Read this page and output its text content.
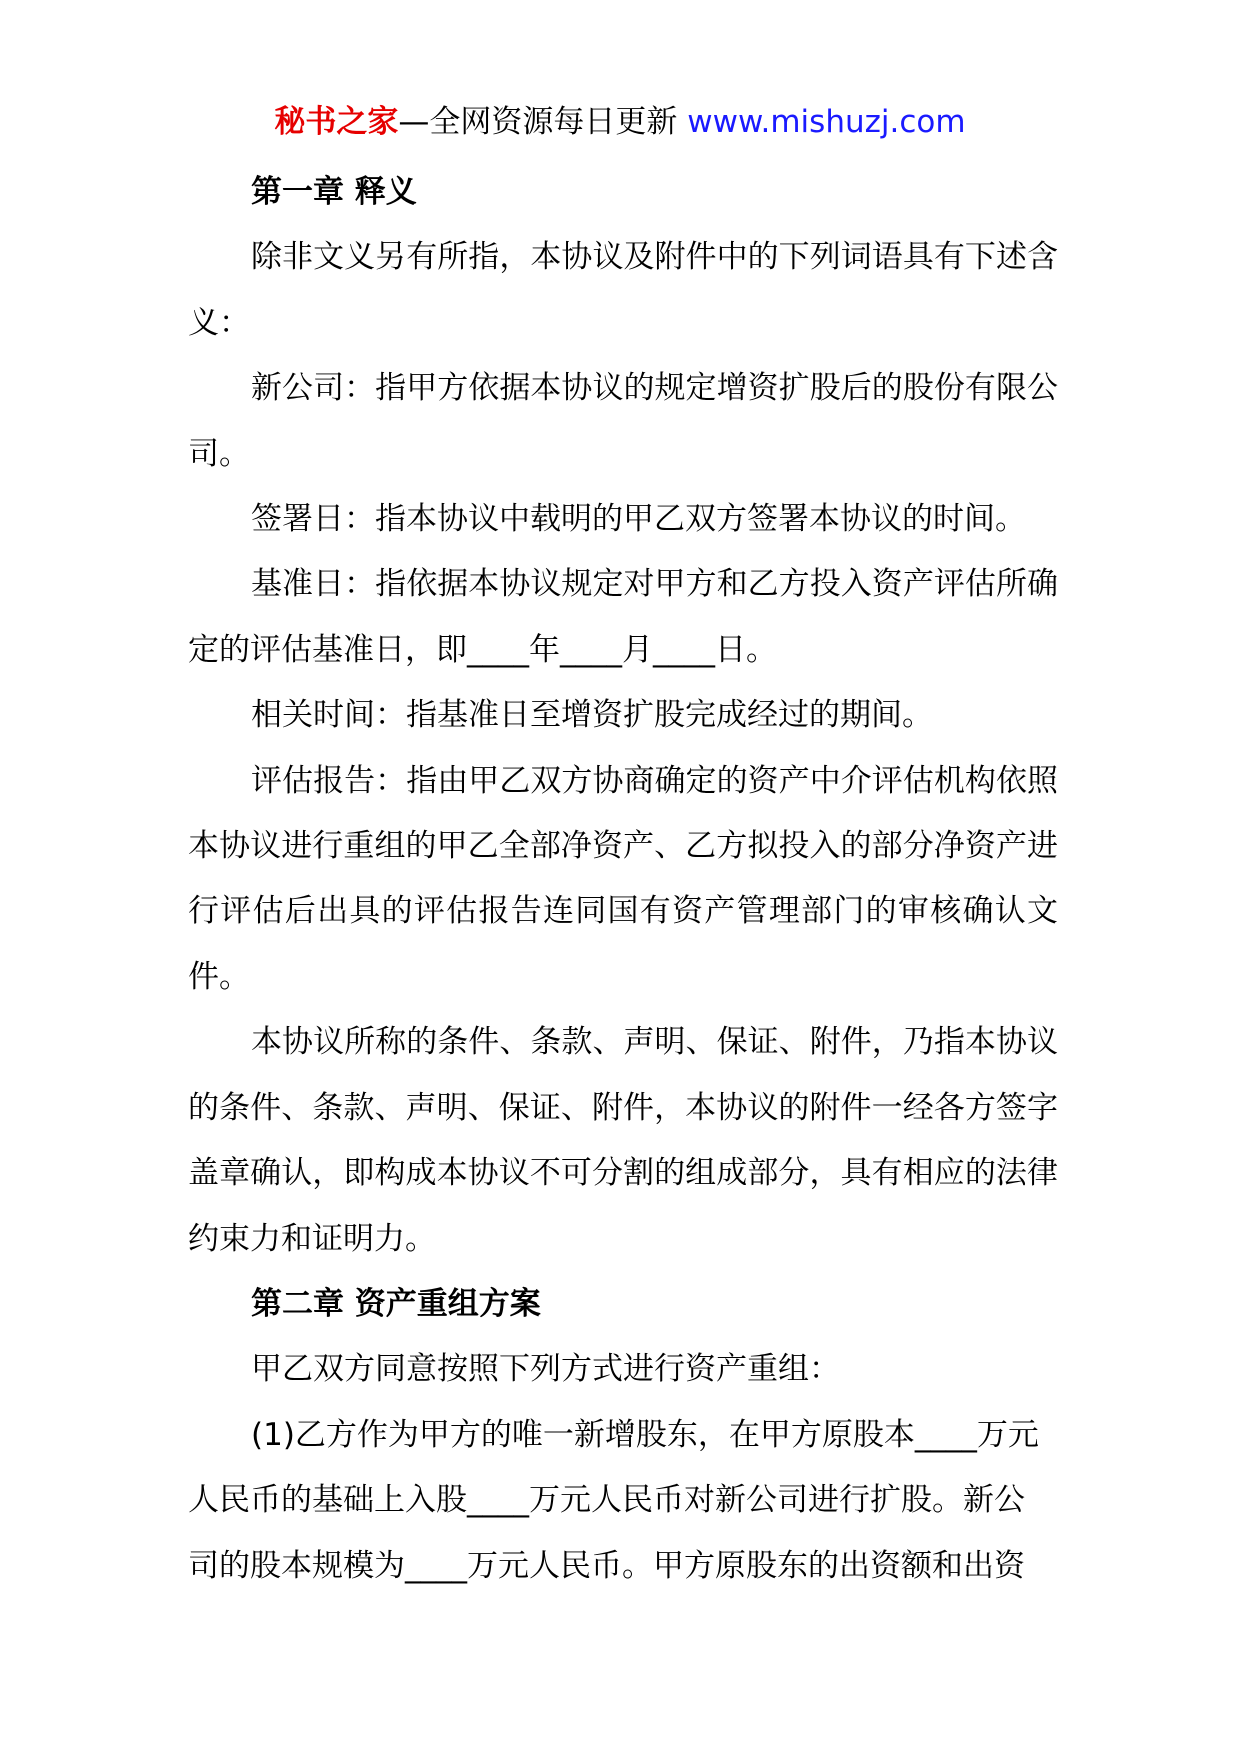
秘书之家—全网资源每日更新 www.mishuzj.com

第一章 释义

除非文义另有所指，本协议及附件中的下列词语具有下述含义：

新公司：指甲方依据本协议的规定增资扩股后的股份有限公司。

签署日：指本协议中载明的甲乙双方签署本协议的时间。

基准日：指依据本协议规定对甲方和乙方投入资产评估所确定的评估基准日，即____年____月____日。

相关时间：指基准日至增资扩股完成经过的期间。

评估报告：指由甲乙双方协商确定的资产中介评估机构依照本协议进行重组的甲乙全部净资产、乙方拟投入的部分净资产进行评估后出具的评估报告连同国有资产管理部门的审核确认文件。

本协议所称的条件、条款、声明、保证、附件，乃指本协议的条件、条款、声明、保证、附件，本协议的附件一经各方签字盖章确认，即构成本协议不可分割的组成部分，具有相应的法律约束力和证明力。

第二章 资产重组方案

甲乙双方同意按照下列方式进行资产重组：

(1)乙方作为甲方的唯一新增股东，在甲方原股本____万元
人民币的基础上入股____万元人民币对新公司进行扩股。新公
司的股本规模为____万元人民币。甲方原股东的出资额和出资
